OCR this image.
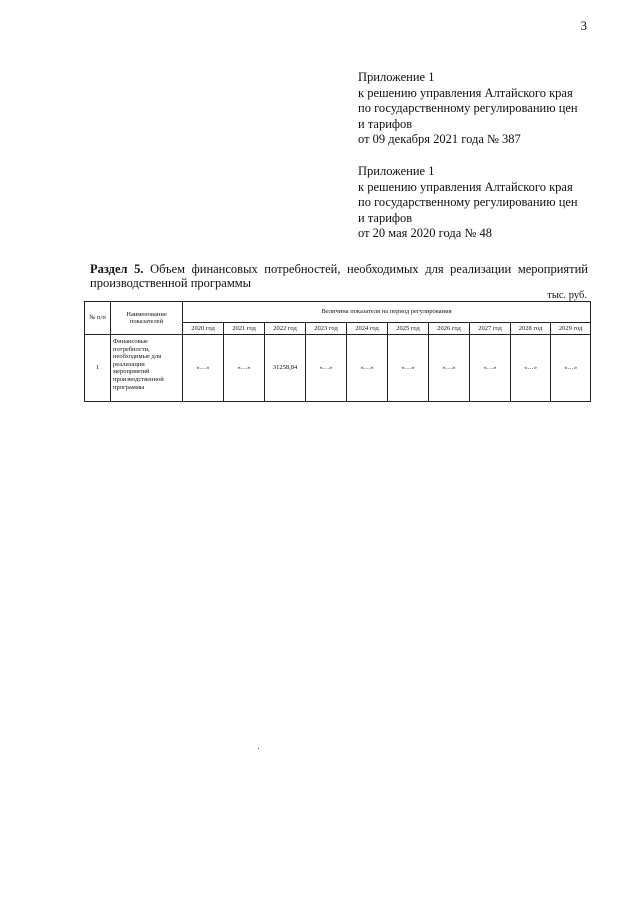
3
Приложение 1
к решению управления Алтайского края
по государственному регулированию цен
и тарифов
от 09 декабря 2021 года № 387
Приложение 1
к решению управления Алтайского края
по государственному регулированию цен
и тарифов
от 20 мая 2020 года № 48
Раздел 5. Объем финансовых потребностей, необходимых для реализации мероприятий производственной программы
тыс. руб.
№ п/п	Наименование показателей	Величина показателя на период регулирования									
		2020 год	2021 год	2022 год	2023 год	2024 год	2025 год	2026 год	2027 год	2028 год	2029 год
1	Финансовые потребности, необходимые для реализации мероприятий производственной программы	«…»	«…»	31258,84	«…»	«…»	«…»	«…»	«…»	«…»	«…»
